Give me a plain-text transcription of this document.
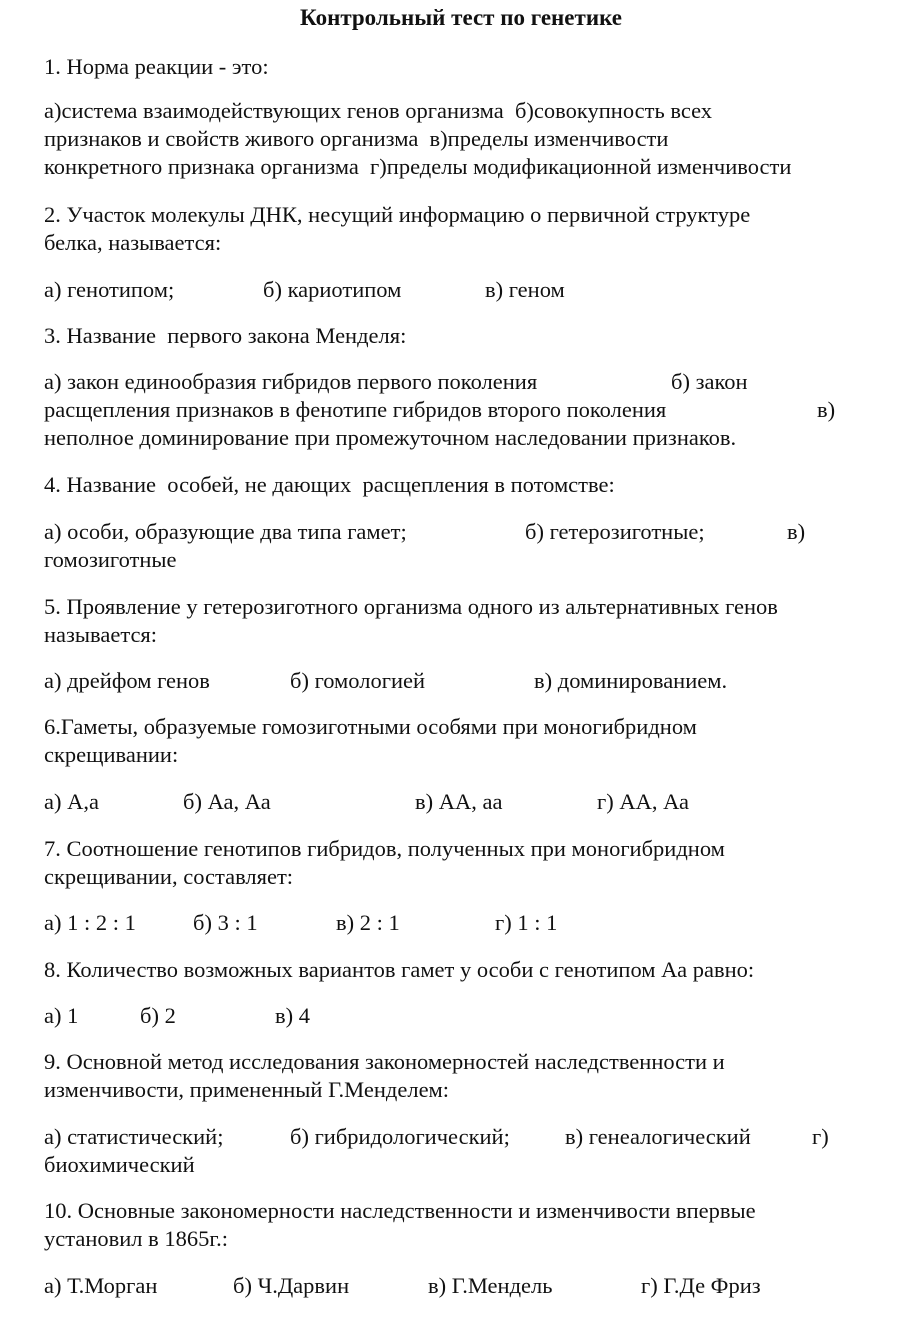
Контрольный тест по генетике

1. Норма реакции - это:

а)система взаимодействующих генов организма  б)совокупность всех

признаков и свойств живого организма  в)пределы изменчивости

конкретного признака организма  г)пределы модификационной изменчивости

2. Участок молекулы ДНК, несущий информацию о первичной структуре

белка, называется:

а) генотипом;	б) кариотипом	в) геном

3. Название  первого закона Менделя:

а) закон единообразия гибридов первого поколения	б) закон

расщепления признаков в фенотипе гибридов второго поколения	в)

неполное доминирование при промежуточном наследовании признаков.

4. Название  особей, не дающих  расщепления в потомстве:

а) особи, образующие два типа гамет;	б) гетерозиготные;	в)

гомозиготные

5. Проявление у гетерозиготного организма одного из альтернативных генов

называется:

а) дрейфом генов	б) гомологией	в) доминированием.

6.Гаметы, образуемые гомозиготными особями при моногибридном

скрещивании:

а) А,а	б) Аа, Аа	в) АА, аа	г) АА, Аа

7. Соотношение генотипов гибридов, полученных при моногибридном

скрещивании, составляет:

а) 1 : 2 : 1	б) 3 : 1	в) 2 : 1	г) 1 : 1

8. Количество возможных вариантов гамет у особи с генотипом Аа равно:

а) 1	б) 2	в) 4

9. Основной метод исследования закономерностей наследственности и

изменчивости, примененный Г.Менделем:

а) статистический;	б) гибридологический; в) генеалогический	г)

биохимический

10. Основные закономерности наследственности и изменчивости впервые

установил в 1865г.:

а) Т.Морган	б) Ч.Дарвин	в) Г.Мендель	г) Г.Де Фриз
